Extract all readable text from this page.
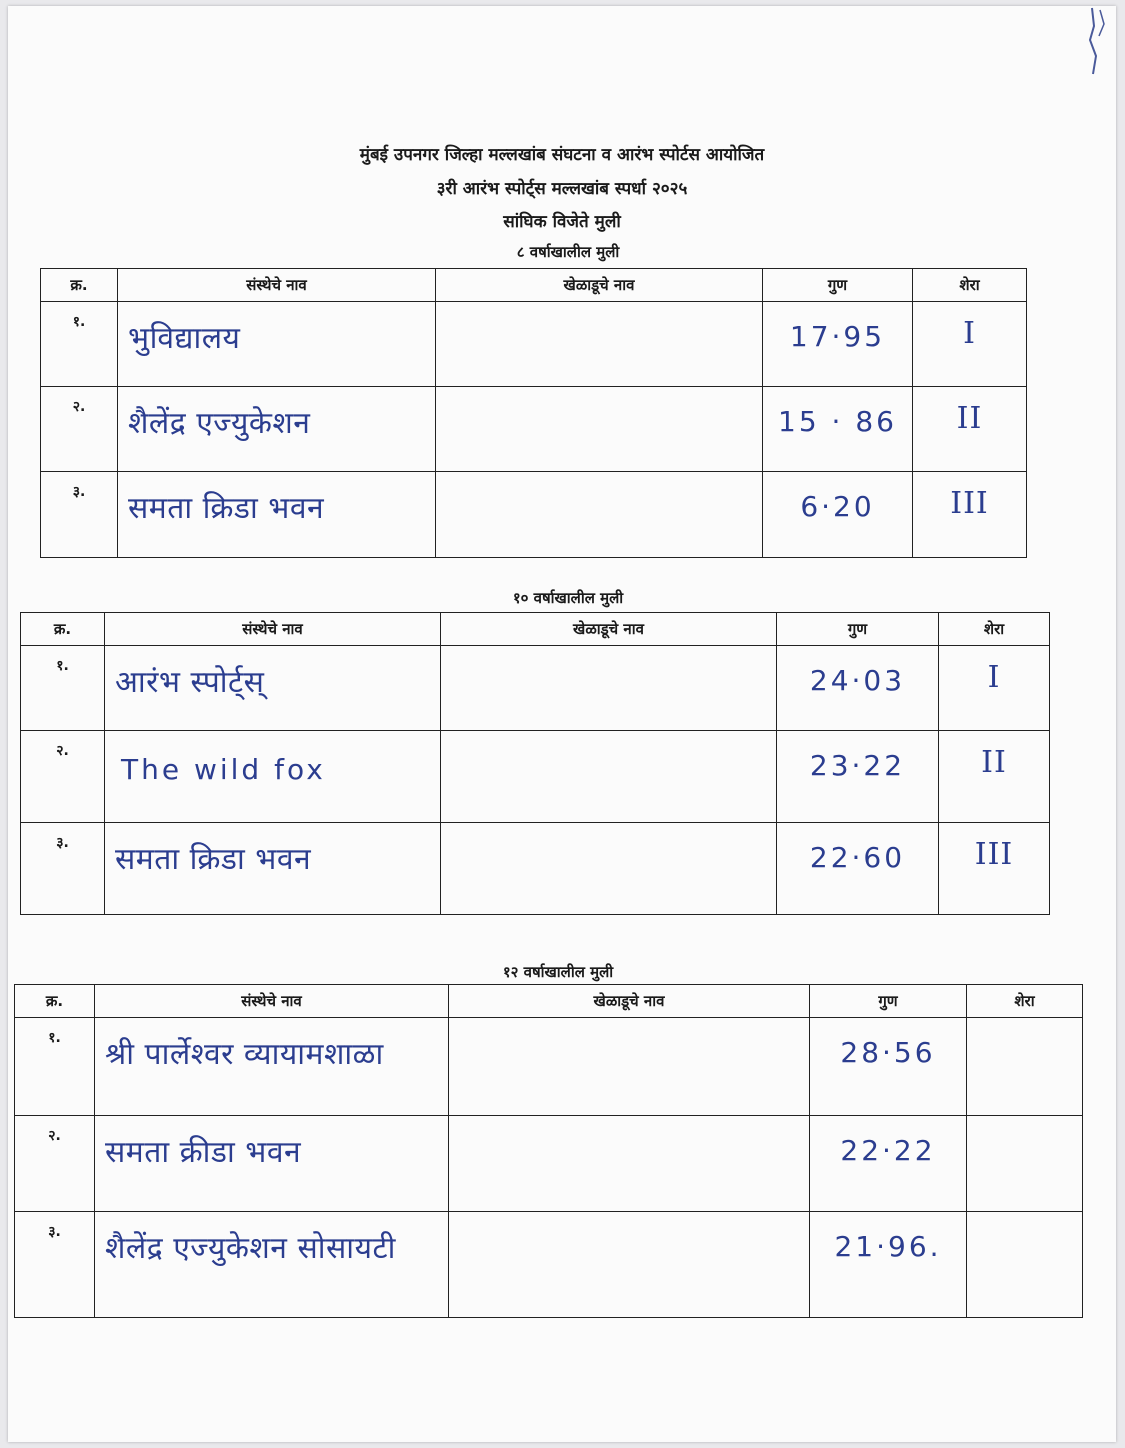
मुंबई उपनगर जिल्हा मल्लखांब संघटना व आरंभ स्पोर्टस आयोजित
३री आरंभ स्पोर्ट्स मल्लखांब स्पर्धा २०२५
सांघिक विजेते मुली
८ वर्षाखालील मुली
क्र.	संस्थेचे नाव	खेळाडूचे नाव	गुण	शेरा

१.	भुविद्यालय		17·95	I

२.	शैलेंद्र एज्युकेशन		15 · 86	II

३.	समता क्रिडा भवन		6·20	III
१० वर्षाखालील मुली
क्र.	संस्थेचे नाव	खेळाडूचे नाव	गुण	शेरा

१.	आरंभ स्पोर्ट्स्		24·03	I

२.	The wild fox		23·22	II

३.	समता क्रिडा भवन		22·60	III
१२ वर्षाखालील मुली
क्र.	संस्थेचे नाव	खेळाडूचे नाव	गुण	शेरा

१.	श्री पार्लेश्वर व्यायामशाळा		28·56	

२.	समता क्रीडा भवन		22·22	

३.	शैलेंद्र एज्युकेशन सोसायटी		21·96.	
